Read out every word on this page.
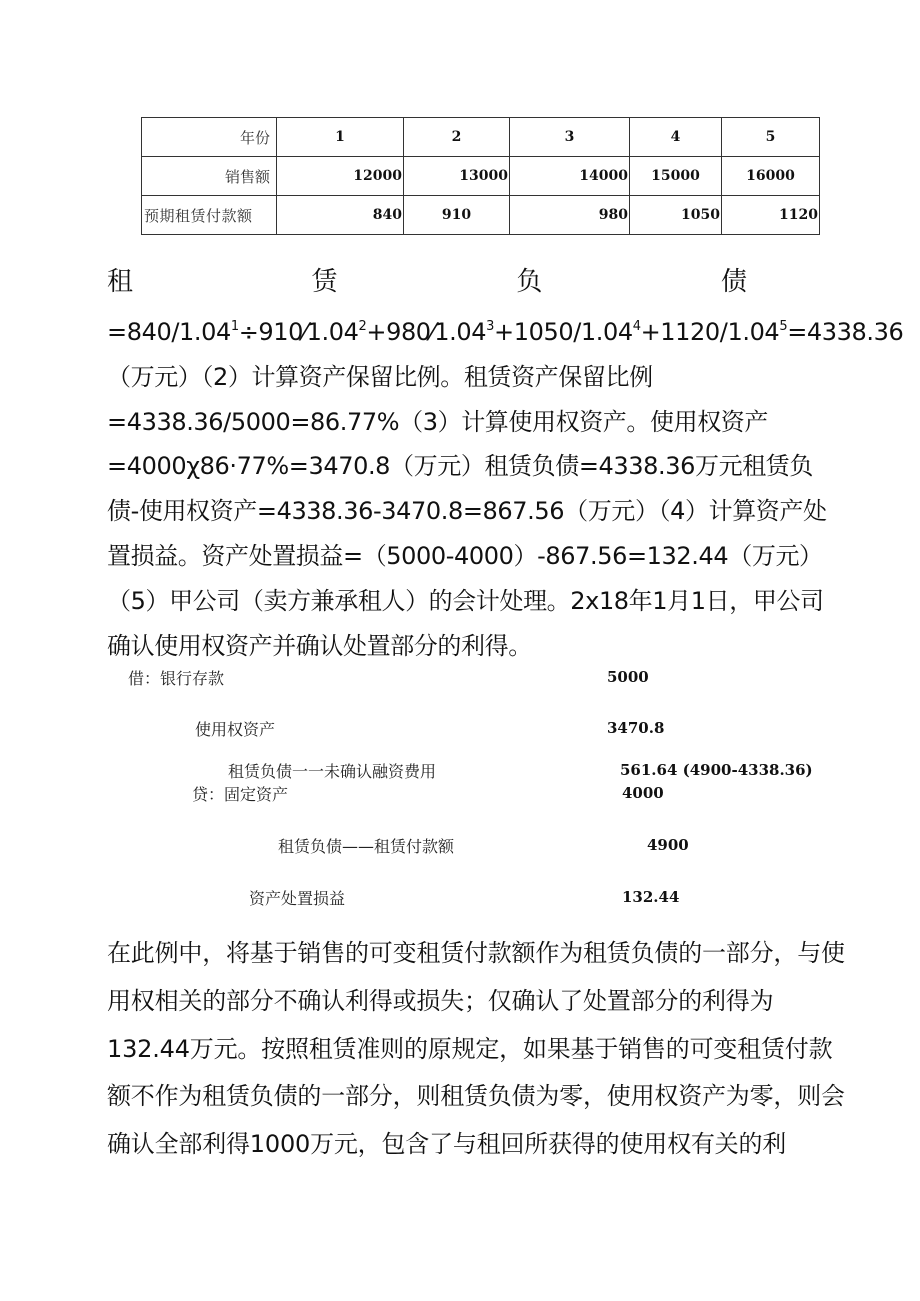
年份	1	2	3	4	5
销售额	12000	13000	14000	15000	16000
预期租赁付款额	840	910	980	1050	1120
租	赁	负	债

$=840/1.04^1\div 910⁄1.04^2+980⁄1.04^3+1050/1.04^4+1120/1.04^5=4338.36$（万元）（2）计算资产保留比例。租赁资产保留比例=4338.36/5000=86.77%（3）计算使用权资产。使用权资产=4000χ86·77%=3470.8（万元）租赁负债=4338.36万元租赁负债-使用权资产=4338.36-3470.8=867.56（万元）（4）计算资产处置损益。资产处置损益=（5000-4000）-867.56=132.44（万元）（5）甲公司（卖方兼承租人）的会计处理。2x18年1月1日，甲公司确认使用权资产并确认处置部分的利得。

借：银行存款	5000
使用权资产	3470.8
租赁负债一一未确认融资费用	561.64 (4900-4338.36)
贷：固定资产	4000
租赁负债——租赁付款额	4900
资产处置损益	132.44

在此例中，将基于销售的可变租赁付款额作为租赁负债的一部分，与使用权相关的部分不确认利得或损失；仅确认了处置部分的利得为132.44万元。按照租赁准则的原规定，如果基于销售的可变租赁付款额不作为租赁负债的一部分，则租赁负债为零，使用权资产为零，则会确认全部利得1000万元，包含了与租回所获得的使用权有关的利
